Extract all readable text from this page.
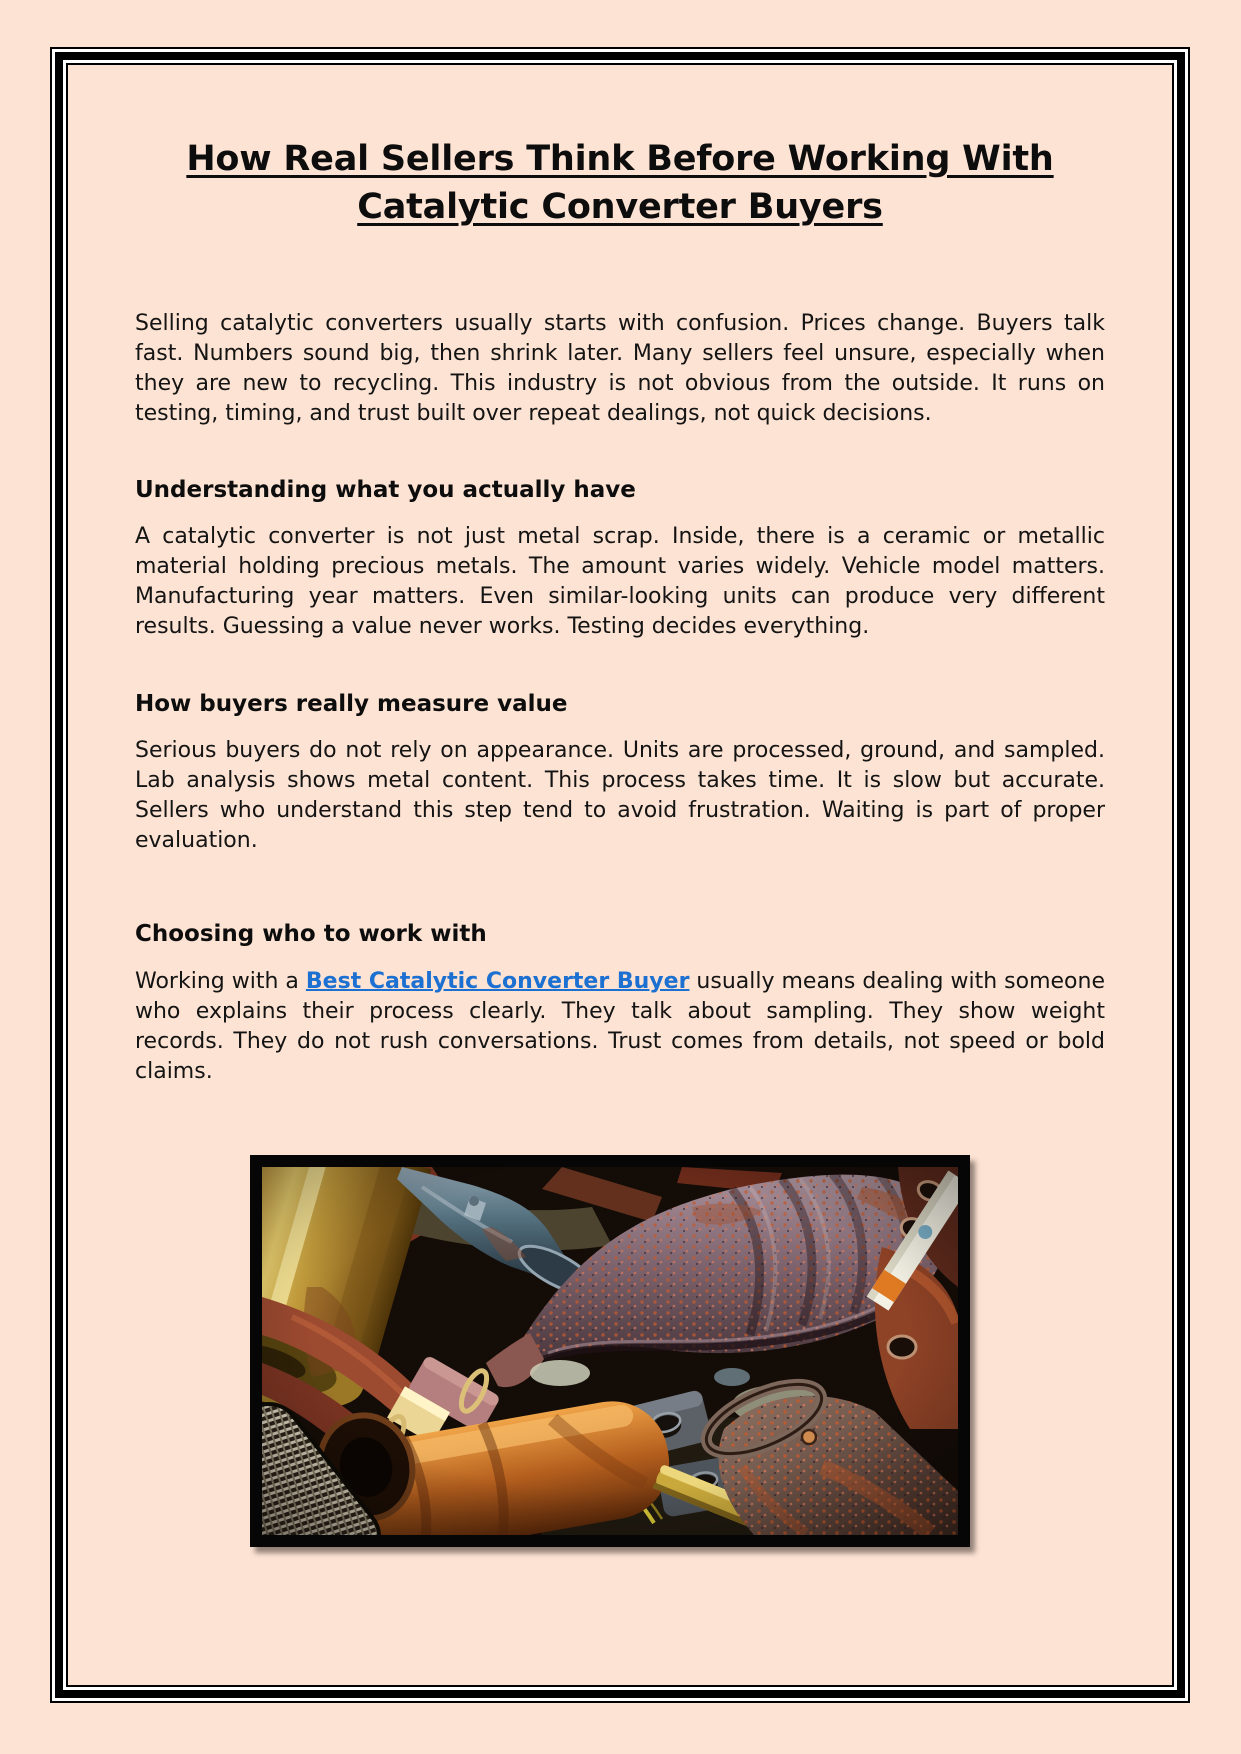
How Real Sellers Think Before Working With Catalytic Converter Buyers

Selling catalytic converters usually starts with confusion. Prices change. Buyers talk fast. Numbers sound big, then shrink later. Many sellers feel unsure, especially when they are new to recycling. This industry is not obvious from the outside. It runs on testing, timing, and trust built over repeat dealings, not quick decisions.

Understanding what you actually have

A catalytic converter is not just metal scrap. Inside, there is a ceramic or metallic material holding precious metals. The amount varies widely. Vehicle model matters. Manufacturing year matters. Even similar-looking units can produce very different results. Guessing a value never works. Testing decides everything.

How buyers really measure value

Serious buyers do not rely on appearance. Units are processed, ground, and sampled. Lab analysis shows metal content. This process takes time. It is slow but accurate. Sellers who understand this step tend to avoid frustration. Waiting is part of proper evaluation.

Choosing who to work with

Working with a Best Catalytic Converter Buyer usually means dealing with someone who explains their process clearly. They talk about sampling. They show weight records. They do not rush conversations. Trust comes from details, not speed or bold claims.
